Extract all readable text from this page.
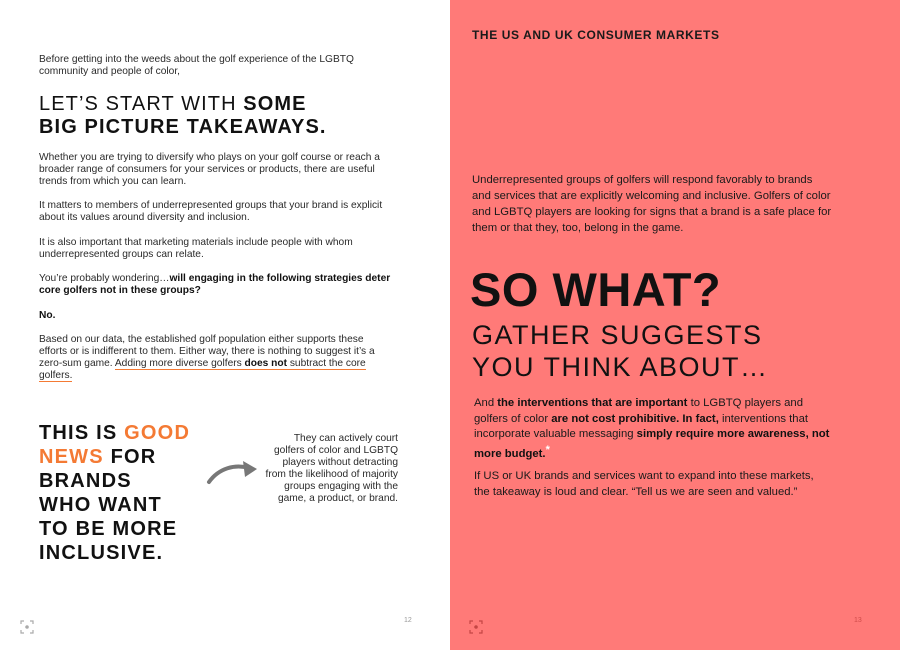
Before getting into the weeds about the golf experience of the LGBTQ community and people of color,

LET’S START WITH SOME
BIG PICTURE TAKEAWAYS.

Whether you are trying to diversify who plays on your golf course or reach a broader range of consumers for your services or products, there are useful trends from which you can learn.

It matters to members of underrepresented groups that your brand is explicit about its values around diversity and inclusion.

It is also important that marketing materials include people with whom underrepresented groups can relate.

You’re probably wondering…will engaging in the following strategies deter core golfers not in these groups?

No.

Based on our data, the established golf population either supports these efforts or is indifferent to them. Either way, there is nothing to suggest it’s a zero-sum game. Adding more diverse golfers does not subtract the core golfers.

THIS IS GOOD
NEWS FOR
BRANDS
WHO WANT
TO BE MORE
INCLUSIVE.

They can actively court golfers of color and LGBTQ players without detracting from the likelihood of majority groups engaging with the game, a product, or brand.

12
THE US AND UK CONSUMER MARKETS

Underrepresented groups of golfers will respond favorably to brands and services that are explicitly welcoming and inclusive. Golfers of color and LGBTQ players are looking for signs that a brand is a safe place for them or that they, too, belong in the game.

SO WHAT?
GATHER SUGGESTS
YOU THINK ABOUT…

And the interventions that are important to LGBTQ players and golfers of color are not cost prohibitive. In fact, interventions that incorporate valuable messaging simply require more awareness, not more budget.*

If US or UK brands and services want to expand into these markets, the takeaway is loud and clear. “Tell us we are seen and valued.”

13
